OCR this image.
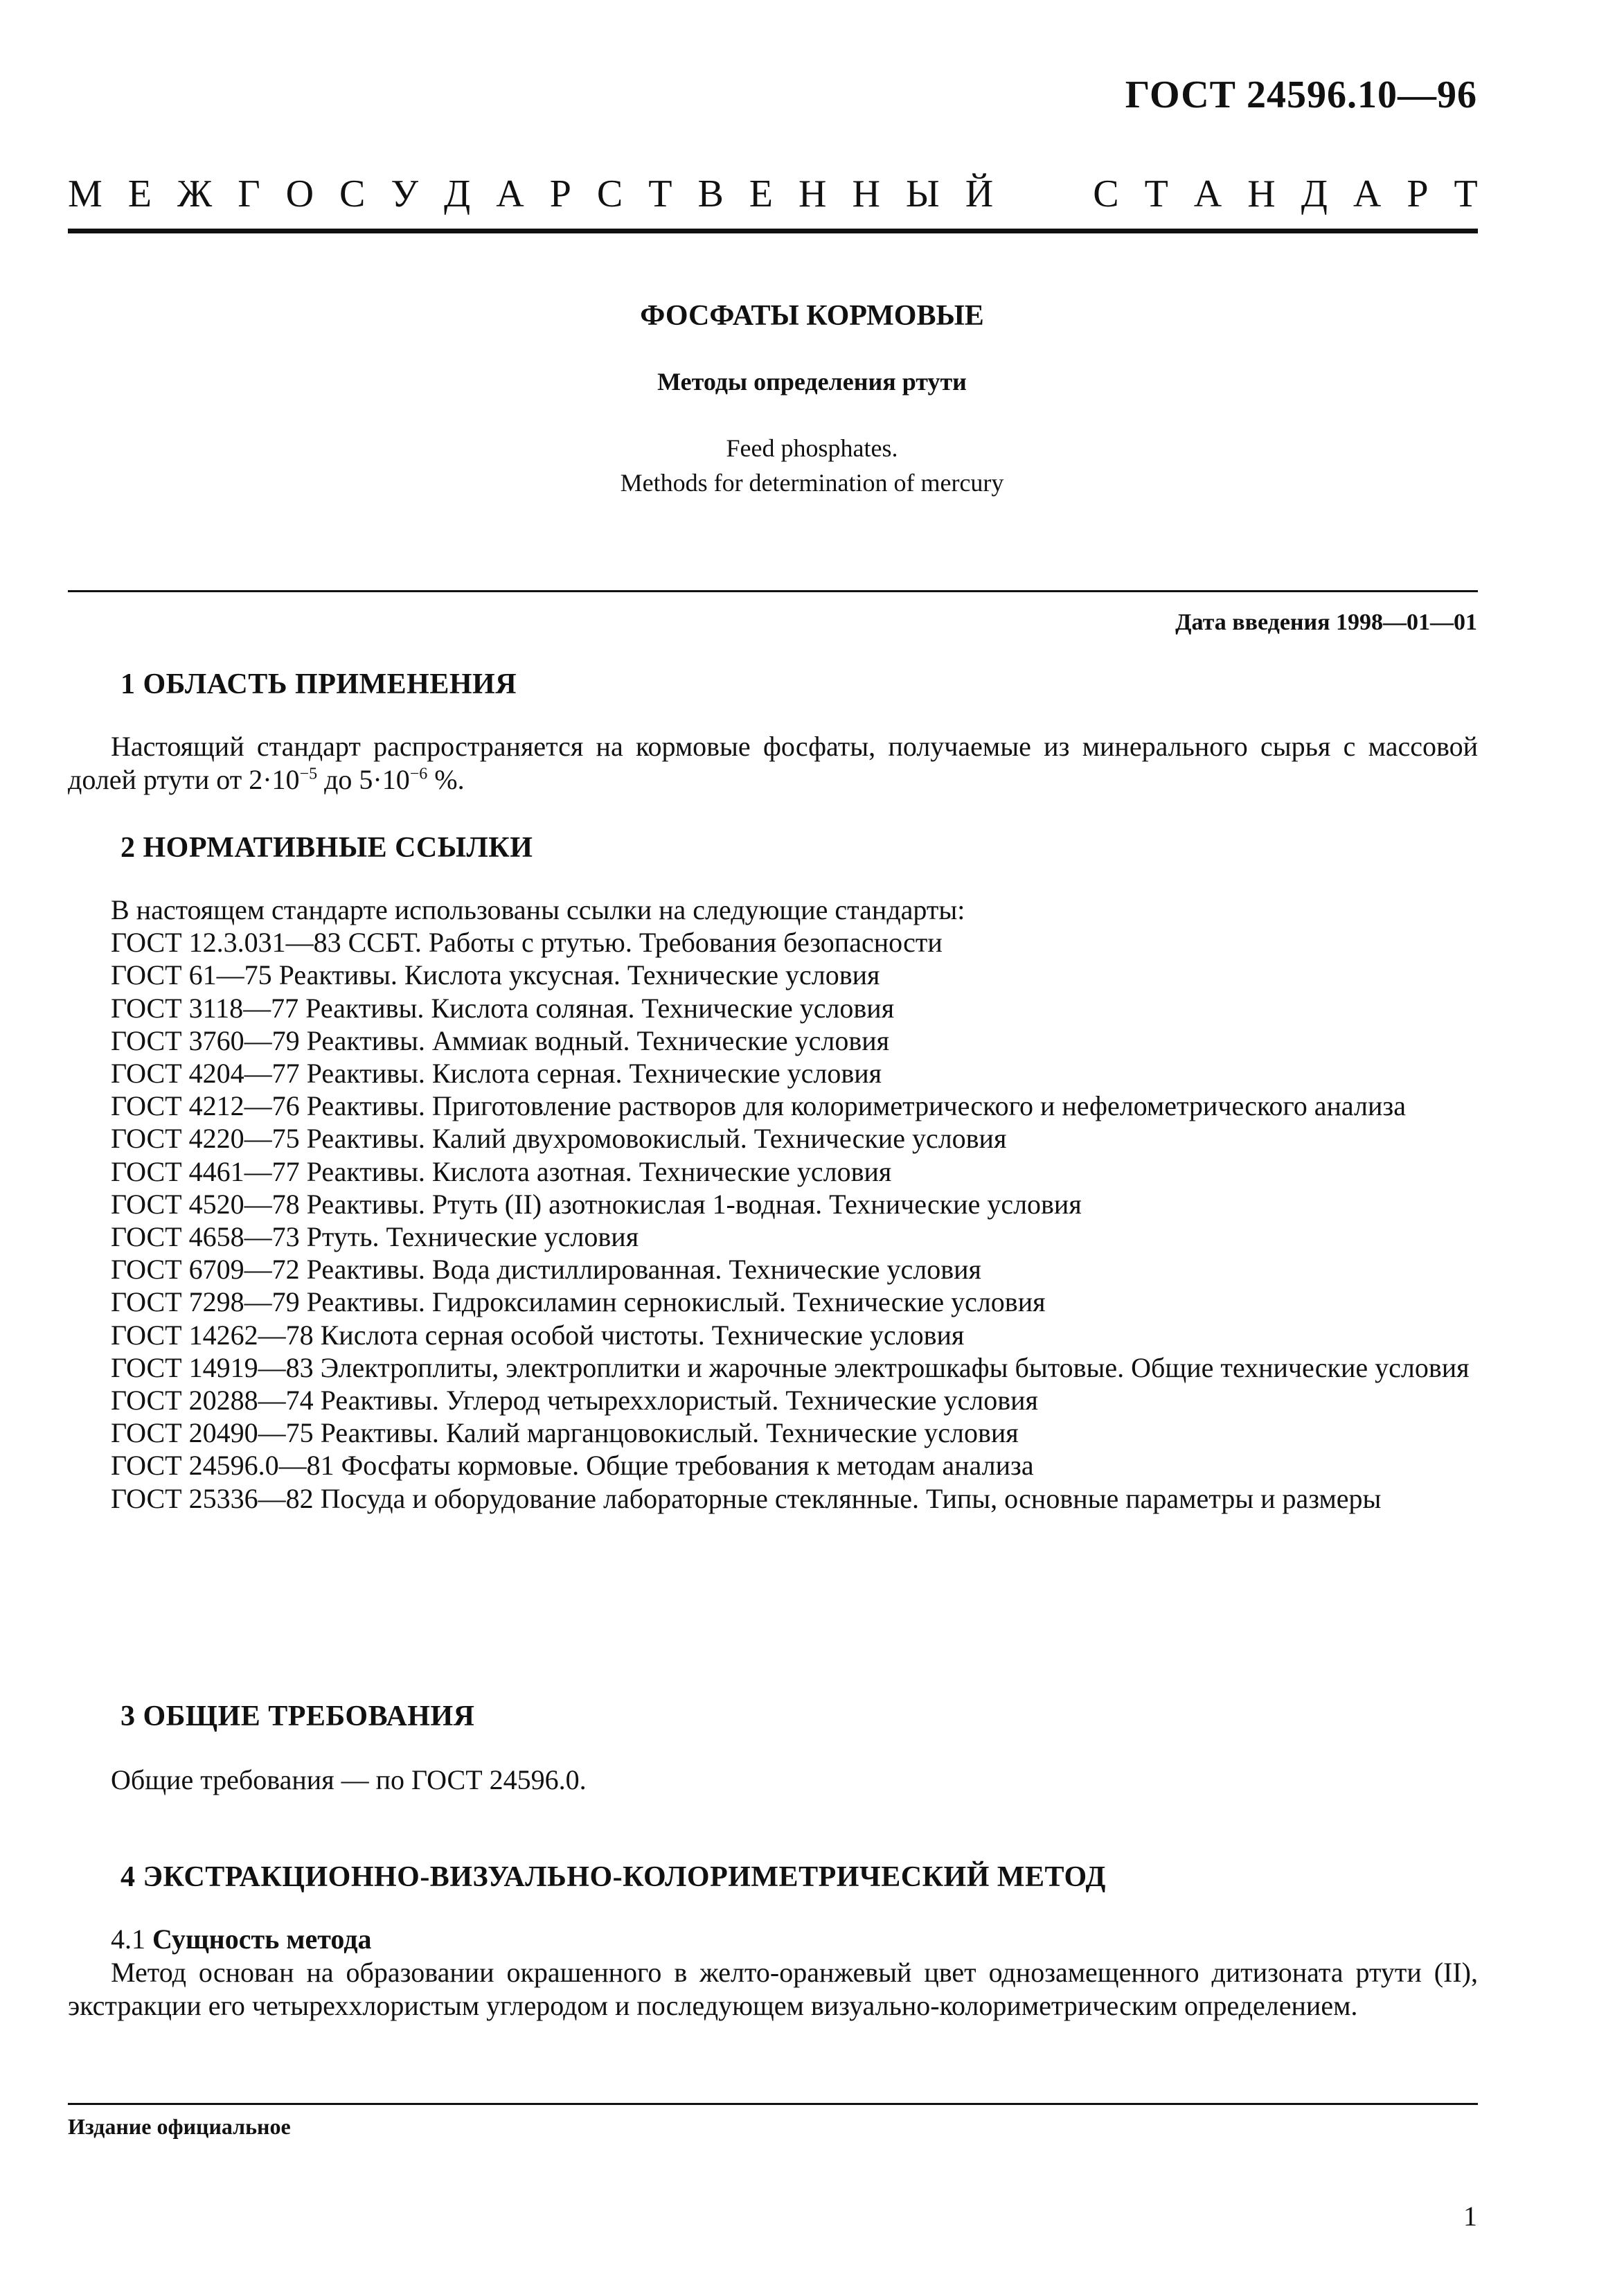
ГОСТ 24596.10—96
М Е Ж Г О С У Д А Р С Т В Е Н Н Ы Й	С Т А Н Д А Р Т
ФОСФАТЫ КОРМОВЫЕ
Методы определения ртути
Feed phosphates.
Methods for determination of mercury
Дата введения 1998—01—01
1 ОБЛАСТЬ ПРИМЕНЕНИЯ
Настоящий стандарт распространяется на кормовые фосфаты, получаемые из минерального сырья с массовой долей ртути от $2\cdot 10^{-5}$ до $5\cdot 10^{-6}$ %.
2 НОРМАТИВНЫЕ ССЫЛКИ
В настоящем стандарте использованы ссылки на следующие стандарты:
ГОСТ 12.3.031—83 ССБТ. Работы с ртутью. Требования безопасности
ГОСТ 61—75 Реактивы. Кислота уксусная. Технические условия
ГОСТ 3118—77 Реактивы. Кислота соляная. Технические условия
ГОСТ 3760—79 Реактивы. Аммиак водный. Технические условия
ГОСТ 4204—77 Реактивы. Кислота серная. Технические условия
ГОСТ 4212—76 Реактивы. Приготовление растворов для колориметрического и нефелометрического анализа
ГОСТ 4220—75 Реактивы. Калий двухромовокислый. Технические условия
ГОСТ 4461—77 Реактивы. Кислота азотная. Технические условия
ГОСТ 4520—78 Реактивы. Ртуть (II) азотнокислая 1-водная. Технические условия
ГОСТ 4658—73 Ртуть. Технические условия
ГОСТ 6709—72 Реактивы. Вода дистиллированная. Технические условия
ГОСТ 7298—79 Реактивы. Гидроксиламин сернокислый. Технические условия
ГОСТ 14262—78 Кислота серная особой чистоты. Технические условия
ГОСТ 14919—83 Электроплиты, электроплитки и жарочные электрошкафы бытовые. Общие технические условия
ГОСТ 20288—74 Реактивы. Углерод четыреххлористый. Технические условия
ГОСТ 20490—75 Реактивы. Калий марганцовокислый. Технические условия
ГОСТ 24596.0—81 Фосфаты кормовые. Общие требования к методам анализа
ГОСТ 25336—82 Посуда и оборудование лабораторные стеклянные. Типы, основные параметры и размеры
3 ОБЩИЕ ТРЕБОВАНИЯ
Общие требования — по ГОСТ 24596.0.
4 ЭКСТРАКЦИОННО-ВИЗУАЛЬНО-КОЛОРИМЕТРИЧЕСКИЙ МЕТОД
4.1 Сущность метода
Метод основан на образовании окрашенного в желто-оранжевый цвет однозамещенного дитизоната ртути (II), экстракции его четыреххлористым углеродом и последующем визуально-колориметрическим определением.
Издание официальное
1
